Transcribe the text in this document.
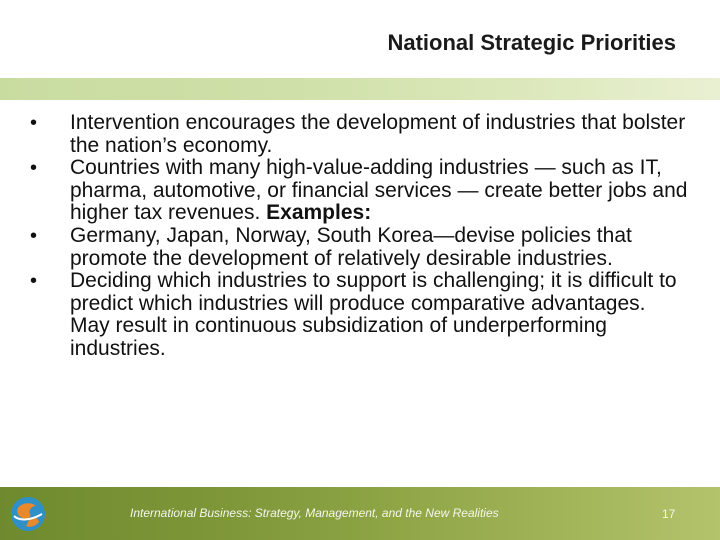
National Strategic Priorities
•	Intervention encourages the development of industries that bolster the nation’s economy.
•	Countries with many high-value-adding industries — such as IT, pharma, automotive, or financial services — create better jobs and higher tax revenues. Examples:
•	Germany, Japan, Norway, South Korea—devise policies that promote the development of relatively desirable industries.
•	Deciding which industries to support is challenging; it is difficult to predict which industries will produce comparative advantages. May result in continuous subsidization of underperforming industries.
International Business: Strategy, Management, and the New Realities	17
